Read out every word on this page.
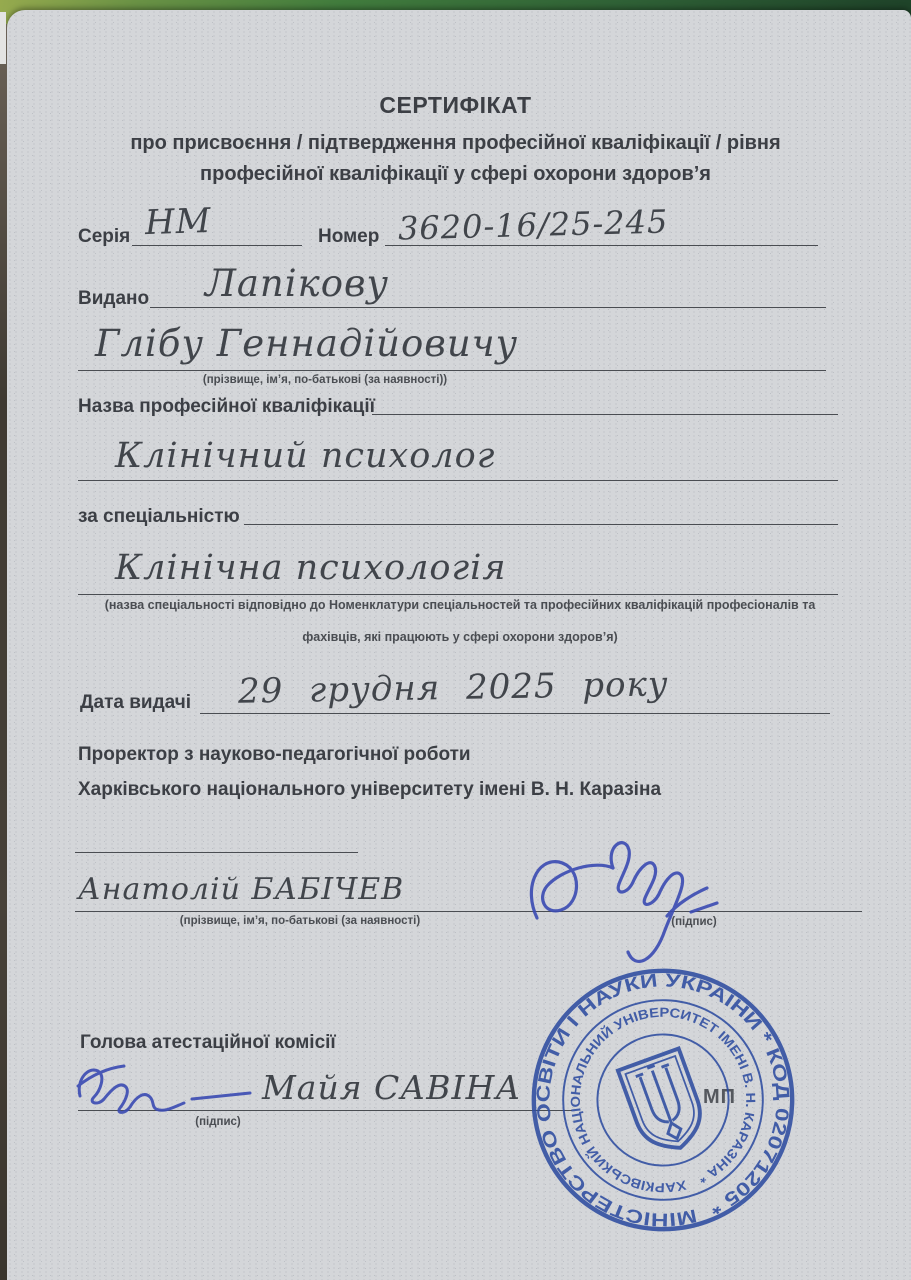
СЕРТИФІКАТ
про присвоєння / підтвердження професійної кваліфікації / рівня
професійної кваліфікації у сфері охорони здоров’я
Серія НМ	Номер 3620-16/25-245
Видано Лапікову
Глібу Геннадійовичу
(прізвище, ім’я, по-батькові (за наявності))
Назва професійної кваліфікації
Клінічний психолог
за спеціальністю
Клінічна психологія
(назва спеціальності відповідно до Номенклатури спеціальностей та професійних кваліфікацій професіоналів та
фахівців, які працюють у сфері охорони здоров’я)
Дата видачі 29 грудня 2025 року
Проректор з науково-педагогічної роботи
Харківського національного університету імені В. Н. Каразіна
Анатолій БАБІЧЕВ
(прізвище, ім’я, по-батькові (за наявності)	(підпис)
Голова атестаційної комісії
Майя САВІНА
(підпис)
МП
МІНІСТЕРСТВО ОСВІТИ І НАУКИ УКРАЇНИ * КОД 02071205 *
ХАРКІВСЬКИЙ НАЦІОНАЛЬНИЙ УНІВЕРСИТЕТ ІМЕНІ В. Н. КАРАЗІНА *
